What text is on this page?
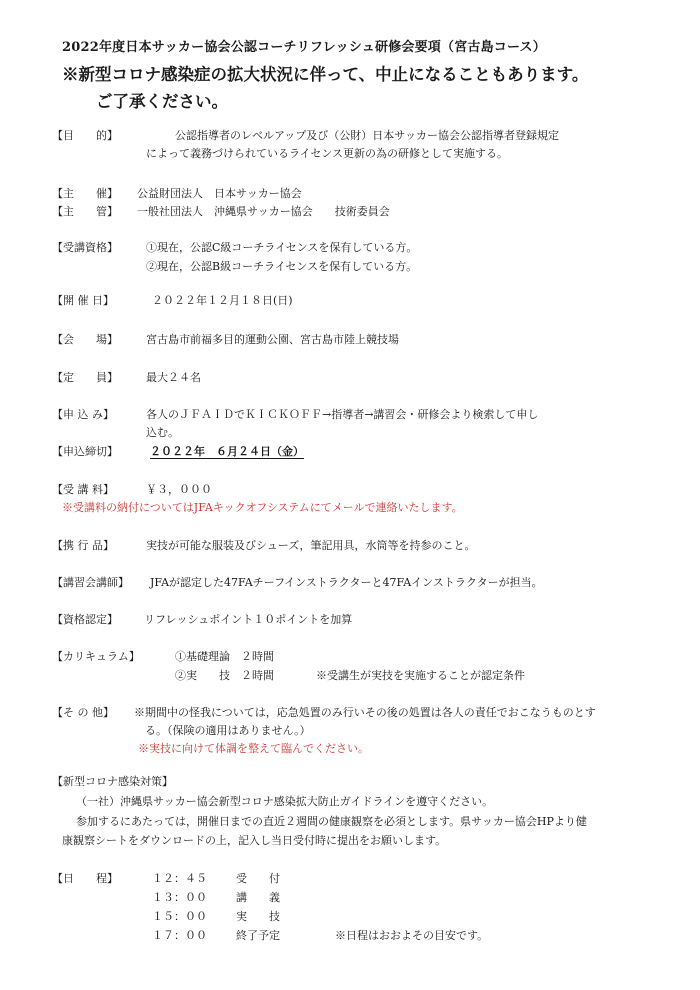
2022年度日本サッカー協会公認コーチリフレッシュ研修会要項（宮古島コース）
※新型コロナ感染症の拡大状況に伴って、中止になることもあります。
ご了承ください。
【目　　的】	公認指導者のレベルアップ及び（公財）日本サッカー協会公認指導者登録規定
によって義務づけられているライセンス更新の為の研修として実施する。
【主　　催】 公益財団法人　日本サッカー協会
【主　　管】 一般社団法人　沖縄県サッカー協会　　技術委員会
【受講資格】	①現在，公認C級コーチライセンスを保有している方。
②現在，公認B級コーチライセンスを保有している方。
【開 催 日】	２０２２年１２月１８日(日)
【会　　場】	宮古島市前福多目的運動公園、宮古島市陸上競技場
【定　　員】	最大２４名
【申 込 み】	各人のＪＦＡＩＤでＫＩＣＫＯＦＦ→指導者→講習会・研修会より検索して申し
込む。
【申込締切】	２０２２年　６月２４日（金）
【受 講 料】	￥３，０００
※受講料の納付についてはJFAキックオフシステムにてメールで連絡いたします。
【携 行 品】	実技が可能な服装及びシューズ，筆記用具，水筒等を持参のこと。
【講習会講師】 JFAが認定した47FAチーフインストラクターと47FAインストラクターが担当。
【資格認定】 リフレッシュポイント１０ポイントを加算
【カリキュラム】	①基礎理論　２時間
②実　　技　２時間	※受講生が実技を実施することが認定条件
【そ の 他】 ※期間中の怪我については，応急処置のみ行いその後の処置は各人の責任でおこなうものとす
る。（保険の適用はありません。）
※実技に向けて体調を整えて臨んでください。
【新型コロナ感染対策】
（一社）沖縄県サッカー協会新型コロナ感染拡大防止ガイドラインを遵守ください。
参加するにあたっては，開催日までの直近２週間の健康観察を必須とします。県サッカー協会HPより健
康観察シートをダウンロードの上，記入し当日受付時に提出をお願いします。
【日　　程】	１２：４５	受　　付
１３：００	講　　義
１５：００	実　　技
１７：００	終了予定	※日程はおおよその目安です。
